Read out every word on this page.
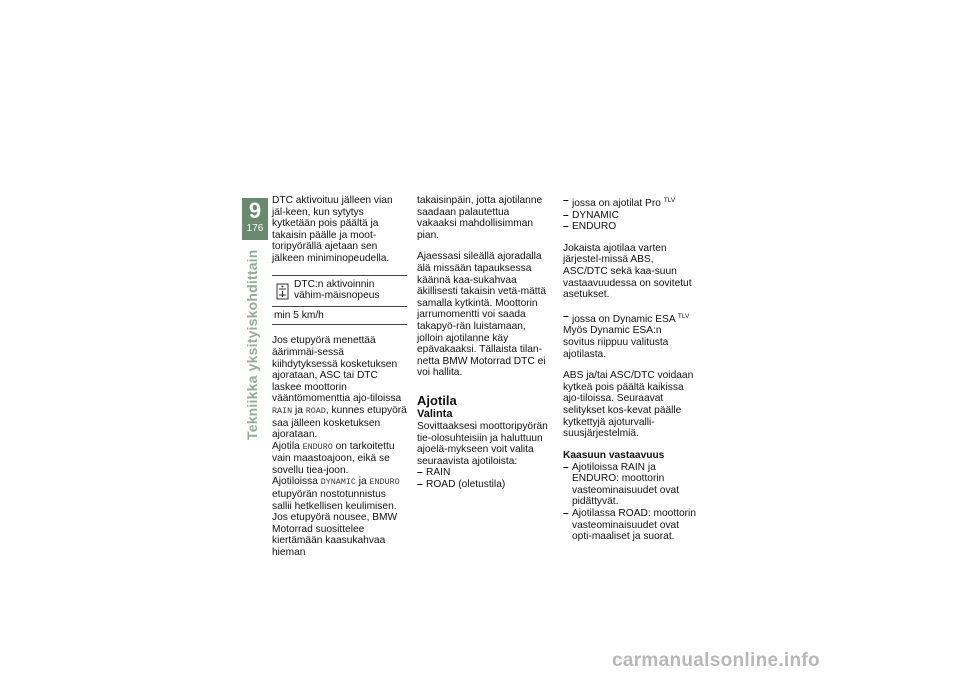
9
176
Tekniikka yksityiskohdittain

DTC aktivoituu jälleen vian jäl-keen, kun sytytys kytketään pois päältä ja takaisin päälle ja moot-toripyörällä ajetaan sen jälkeen miniminopeudella.

DTC:n aktivoinnin vähim-mäisnopeus
min 5 km/h

Jos etupyörä menettää äärimmäi-sessä kiihdytyksessä kosketuksen ajorataan, ASC tai DTC laskee moottorin vääntömomenttia ajo-tiloissa RAIN ja ROAD, kunnes etupyörä saa jälleen kosketuksen ajorataan.

Ajotila ENDURO on tarkoitettu vain maastoajoon, eikä se sovellu tiea-joon.

Ajotiloissa DYNAMIC ja ENDURO etupyörän nostotunnistus sallii hetkellisen keulimisen.

Jos etupyörä nousee, BMW Motorrad suosittelee kiertämään kaasukahvaa hieman

takaisinpäin, jotta ajotilanne saadaan palautettua vakaaksi mahdollisimman pian.

Ajaessasi sileällä ajoradalla älä missään tapauksessa käännä kaa-sukahvaa äkillisesti takaisin vetä-mättä samalla kytkintä. Moottorin jarrumomentti voi saada takapyö-rän luistamaan, jolloin ajotilanne käy epävakaaksi. Tällaista tilan-netta BMW Motorrad DTC ei voi hallita.

Ajotila
Valinta

Sovittaaksesi moottoripyörän tie-olosuhteisiin ja haluttuun ajoelä-mykseen voit valita seuraavista ajotiloista:

– RAIN
– ROAD (oletustila)
– jossa on ajotilat Pro $^{TLV}$
– DYNAMIC
– ENDURO

Jokaista ajotilaa varten järjestel-missä ABS, ASC/DTC sekä kaa-suun vastaavuudessa on sovitetut asetukset.

– jossa on Dynamic ESA $^{TLV}$

Myös Dynamic ESA:n sovitus riippuu valitusta ajotilasta.

ABS ja/tai ASC/DTC voidaan kytkeä pois päältä kaikissa ajo-tiloissa. Seuraavat selitykset kos-kevat päälle kytkettyjä ajoturvalli-suusjärjestelmiä.

Kaasuun vastaavuus
– Ajotiloissa RAIN ja ENDURO: moottorin vasteominaisuudet ovat pidättyvät.
– Ajotilassa ROAD: moottorin vasteominaisuudet ovat opti-maaliset ja suorat.
carmanualsonline.info
